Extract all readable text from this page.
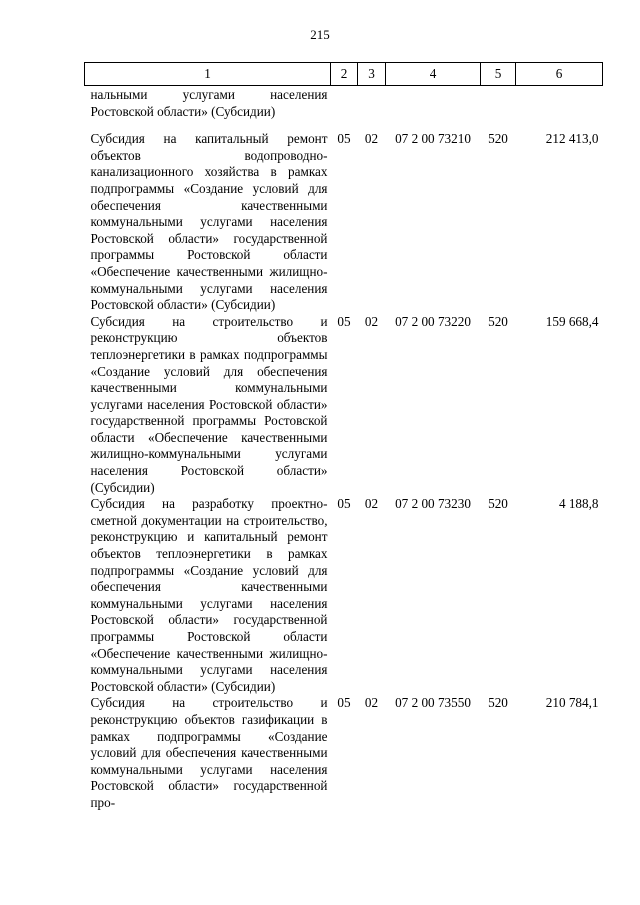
215
1	2	3	4	5	6
нальными услугами населения Ростовской области» (Субсидии)					
Субсидия на капитальный ремонт объектов водопроводно-канализационного хозяйства в рамках подпрограммы «Создание условий для обеспечения качественными коммунальными услугами населения Ростовской области» государственной программы Ростовской области «Обеспечение качественными жилищно-коммунальными услугами населения Ростовской области» (Субсидии)	05	02	07 2 00 73210	520	212 413,0
Субсидия на строительство и реконструкцию объектов теплоэнергетики в рамках подпрограммы «Создание условий для обеспечения качественными коммунальными услугами населения Ростовской области» государственной программы Ростовской области «Обеспечение качественными жилищно-коммунальными услугами населения Ростовской области» (Субсидии)	05	02	07 2 00 73220	520	159 668,4
Субсидия на разработку проектно-сметной документации на строительство, реконструкцию и капитальный ремонт объектов теплоэнергетики в рамках подпрограммы «Создание условий для обеспечения качественными коммунальными услугами населения Ростовской области» государственной программы Ростовской области «Обеспечение качественными жилищно-коммунальными услугами населения Ростовской области» (Субсидии)	05	02	07 2 00 73230	520	4 188,8
Субсидия на строительство и реконструкцию объектов газификации в рамках подпрограммы «Создание условий для обеспечения качественными коммунальными услугами населения Ростовской области» государственной про-	05	02	07 2 00 73550	520	210 784,1
